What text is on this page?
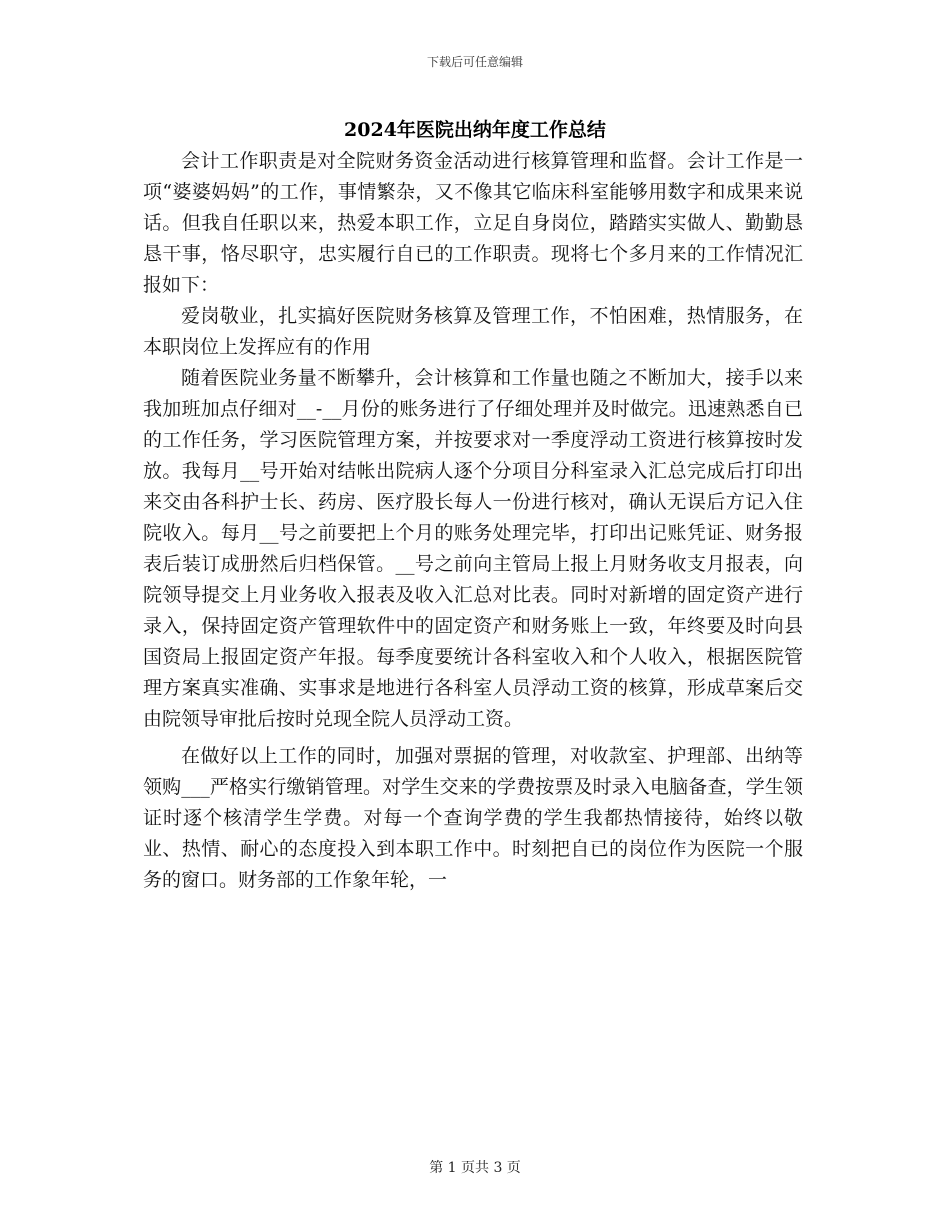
下载后可任意编辑
2024年医院出纳年度工作总结

会计工作职责是对全院财务资金活动进行核算管理和监督。会计工作是一项“婆婆妈妈”的工作，事情繁杂，又不像其它临床科室能够用数字和成果来说话。但我自任职以来，热爱本职工作，立足自身岗位，踏踏实实做人、勤勤恳恳干事，恪尽职守，忠实履行自已的工作职责。现将七个多月来的工作情况汇报如下：

爱岗敬业，扎实搞好医院财务核算及管理工作，不怕困难，热情服务，在本职岗位上发挥应有的作用

随着医院业务量不断攀升，会计核算和工作量也随之不断加大，接手以来我加班加点仔细对__-__月份的账务进行了仔细处理并及时做完。迅速熟悉自已的工作任务，学习医院管理方案，并按要求对一季度浮动工资进行核算按时发放。我每月__号开始对结帐出院病人逐个分项目分科室录入汇总完成后打印出来交由各科护士长、药房、医疗股长每人一份进行核对，确认无误后方记入住院收入。每月__号之前要把上个月的账务处理完毕，打印出记账凭证、财务报表后装订成册然后归档保管。__号之前向主管局上报上月财务收支月报表，向院领导提交上月业务收入报表及收入汇总对比表。同时对新增的固定资产进行录入，保持固定资产管理软件中的固定资产和财务账上一致，年终要及时向县国资局上报固定资产年报。每季度要统计各科室收入和个人收入，根据医院管理方案真实准确、实事求是地进行各科室人员浮动工资的核算，形成草案后交由院领导审批后按时兑现全院人员浮动工资。

在做好以上工作的同时，加强对票据的管理，对收款室、护理部、出纳等领购___严格实行缴销管理。对学生交来的学费按票及时录入电脑备查，学生领证时逐个核清学生学费。对每一个查询学费的学生我都热情接待，始终以敬业、热情、耐心的态度投入到本职工作中。时刻把自已的岗位作为医院一个服务的窗口。财务部的工作象年轮，一

第 1 页共 3 页
